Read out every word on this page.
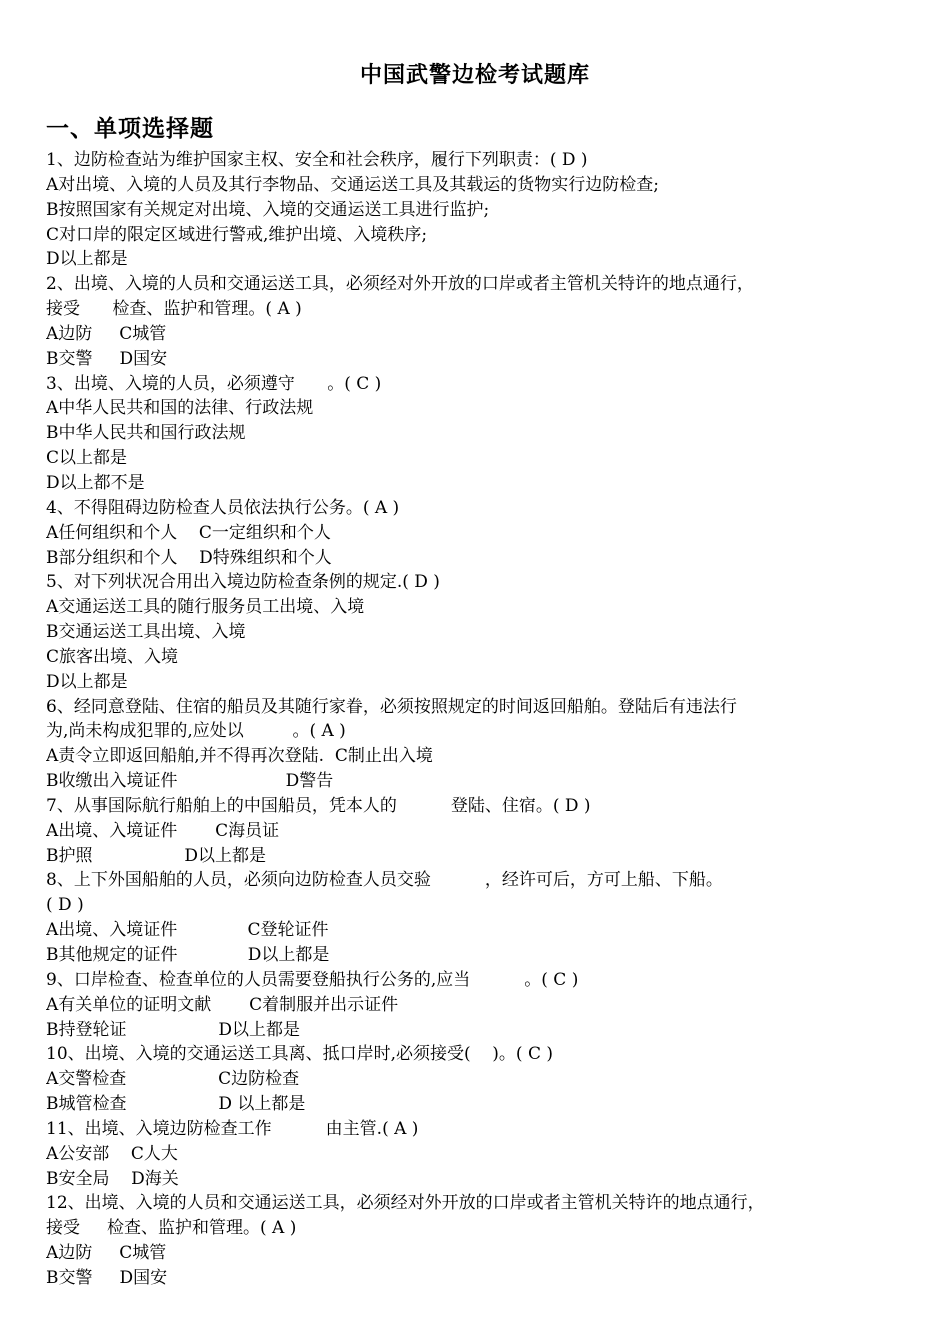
中国武警边检考试题库
一、单项选择题
1、边防检查站为维护国家主权、安全和社会秩序，履行下列职责：( D )
A对出境、入境的人员及其行李物品、交通运送工具及其载运的货物实行边防检查;
B按照国家有关规定对出境、入境的交通运送工具进行监护;
C对口岸的限定区域进行警戒,维护出境、入境秩序;
D以上都是
2、出境、入境的人员和交通运送工具，必须经对外开放的口岸或者主管机关特许的地点通行，
接受      检查、监护和管理。( A )
A边防     C城管
B交警     D国安
3、出境、入境的人员，必须遵守      。( C )
A中华人民共和国的法律、行政法规
B中华人民共和国行政法规
C以上都是
D以上都不是
4、不得阻碍边防检查人员依法执行公务。( A )
A任何组织和个人    C一定组织和个人
B部分组织和个人    D特殊组织和个人
5、对下列状况合用出入境边防检查条例的规定.( D )
A交通运送工具的随行服务员工出境、入境
B交通运送工具出境、入境
C旅客出境、入境
D以上都是
6、经同意登陆、住宿的船员及其随行家眷，必须按照规定的时间返回船舶。登陆后有违法行
为,尚未构成犯罪的,应处以         。( A )
A责令立即返回船舶,并不得再次登陆.  C制止出入境
B收缴出入境证件                    D警告
7、从事国际航行船舶上的中国船员，凭本人的          登陆、住宿。( D )
A出境、入境证件       C海员证
B护照                 D以上都是
8、上下外国船舶的人员，必须向边防检查人员交验          ，经许可后，方可上船、下船。
( D )
A出境、入境证件             C登轮证件
B其他规定的证件             D以上都是
9、口岸检查、检查单位的人员需要登船执行公务的,应当          。( C )
A有关单位的证明文献       C着制服并出示证件
B持登轮证                 D以上都是
10、出境、入境的交通运送工具离、抵口岸时,必须接受(    )。( C )
A交警检查                 C边防检查
B城管检查                 D 以上都是
11、出境、入境边防检查工作          由主管.( A )
A公安部    C人大
B安全局    D海关
12、出境、入境的人员和交通运送工具，必须经对外开放的口岸或者主管机关特许的地点通行，
接受     检查、监护和管理。( A )
A边防     C城管
B交警     D国安
